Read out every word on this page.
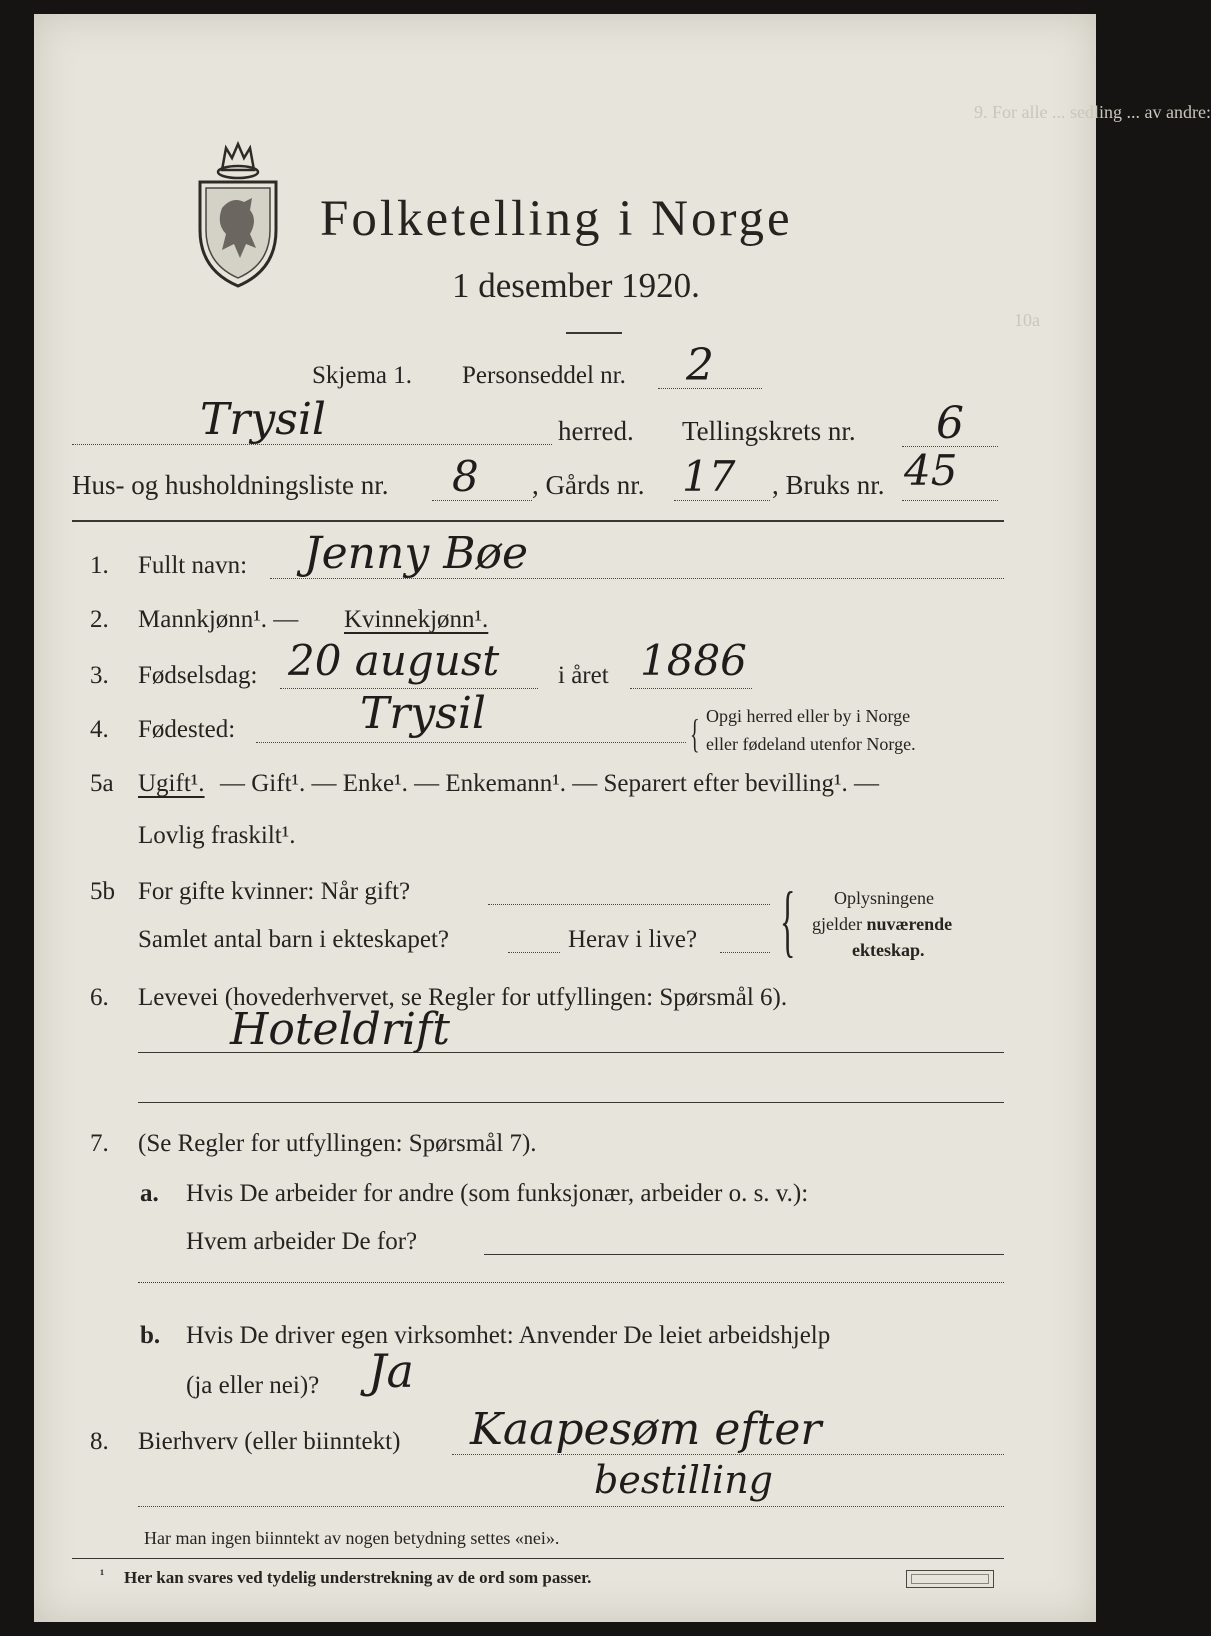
9. For alle ... sedling ... av andre:
10a
Folketelling i Norge
1 desember 1920.
Skjema 1. Personseddel nr. 2
Trysil	herred. Tellingskrets nr. 6
Hus- og husholdningsliste nr. 8 , Gårds nr. 17 , Bruks nr. 45
1. Fullt navn: Jenny Bøe
2. Mannkjønn¹. — Kvinnekjønn¹.
3. Fødselsdag: 20 august i året 1886
4. Fødested:	Trysil	{ Opgi herred eller by i Norge
eller fødeland utenfor Norge.
5a Ugift¹. — Gift¹. — Enke¹. — Enkemann¹. — Separert efter bevilling¹. —
Lovlig fraskilt¹.
5b For gifte kvinner: Når gift?
Samlet antal barn i ekteskapet?	Herav i live? { Oplysningene
gjelder nuværende
ekteskap.
6. Levevei (hovederhvervet, se Regler for utfyllingen: Spørsmål 6).
Hoteldrift
7. (Se Regler for utfyllingen: Spørsmål 7).
a. Hvis De arbeider for andre (som funksjonær, arbeider o. s. v.):
Hvem arbeider De for?
b. Hvis De driver egen virksomhet: Anvender De leiet arbeidshjelp
(ja eller nei)? Ja
8. Bierhverv (eller biinntekt) Kaapesøm efter
bestilling
Har man ingen biinntekt av nogen betydning settes «nei».
¹ Her kan svares ved tydelig understrekning av de ord som passer.
